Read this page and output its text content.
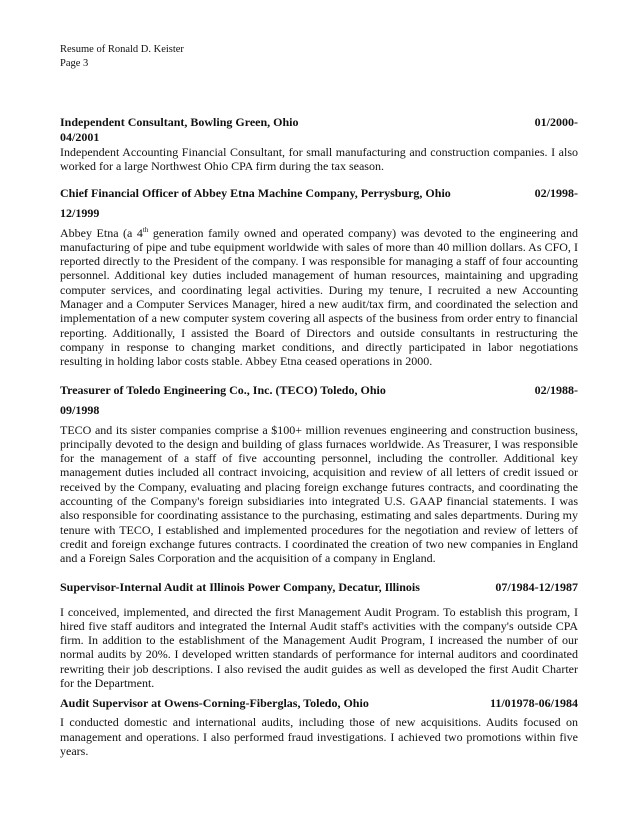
Resume of Ronald D. Keister
Page 3
Independent Consultant, Bowling Green, Ohio	01/2000-
04/2001
Independent Accounting Financial Consultant, for small manufacturing and construction companies. I also worked for a large Northwest Ohio CPA firm during the tax season.
Chief Financial Officer of Abbey Etna Machine Company, Perrysburg, Ohio	02/1998-
12/1999
Abbey Etna (a 4th generation family owned and operated company) was devoted to the engineering and manufacturing of pipe and tube equipment worldwide with sales of more than 40 million dollars. As CFO, I reported directly to the President of the company. I was responsible for managing a staff of four accounting personnel. Additional key duties included management of human resources, maintaining and upgrading computer services, and coordinating legal activities. During my tenure, I recruited a new Accounting Manager and a Computer Services Manager, hired a new audit/tax firm, and coordinated the selection and implementation of a new computer system covering all aspects of the business from order entry to financial reporting. Additionally, I assisted the Board of Directors and outside consultants in restructuring the company in response to changing market conditions, and directly participated in labor negotiations resulting in holding labor costs stable. Abbey Etna ceased operations in 2000.
Treasurer of Toledo Engineering Co., Inc. (TECO) Toledo, Ohio	02/1988-
09/1998
TECO and its sister companies comprise a $100+ million revenues engineering and construction business, principally devoted to the design and building of glass furnaces worldwide. As Treasurer, I was responsible for the management of a staff of five accounting personnel, including the controller. Additional key management duties included all contract invoicing, acquisition and review of all letters of credit issued or received by the Company, evaluating and placing foreign exchange futures contracts, and coordinating the accounting of the Company's foreign subsidiaries into integrated U.S. GAAP financial statements. I was also responsible for coordinating assistance to the purchasing, estimating and sales departments. During my tenure with TECO, I established and implemented procedures for the negotiation and review of letters of credit and foreign exchange futures contracts. I coordinated the creation of two new companies in England and a Foreign Sales Corporation and the acquisition of a company in England.
Supervisor-Internal Audit at Illinois Power Company, Decatur, Illinois	07/1984-12/1987
I conceived, implemented, and directed the first Management Audit Program. To establish this program, I hired five staff auditors and integrated the Internal Audit staff's activities with the company's outside CPA firm. In addition to the establishment of the Management Audit Program, I increased the number of our normal audits by 20%. I developed written standards of performance for internal auditors and coordinated rewriting their job descriptions. I also revised the audit guides as well as developed the first Audit Charter for the Department.
Audit Supervisor at Owens-Corning-Fiberglas, Toledo, Ohio	11/01978-06/1984
I conducted domestic and international audits, including those of new acquisitions. Audits focused on management and operations. I also performed fraud investigations. I achieved two promotions within five years.
